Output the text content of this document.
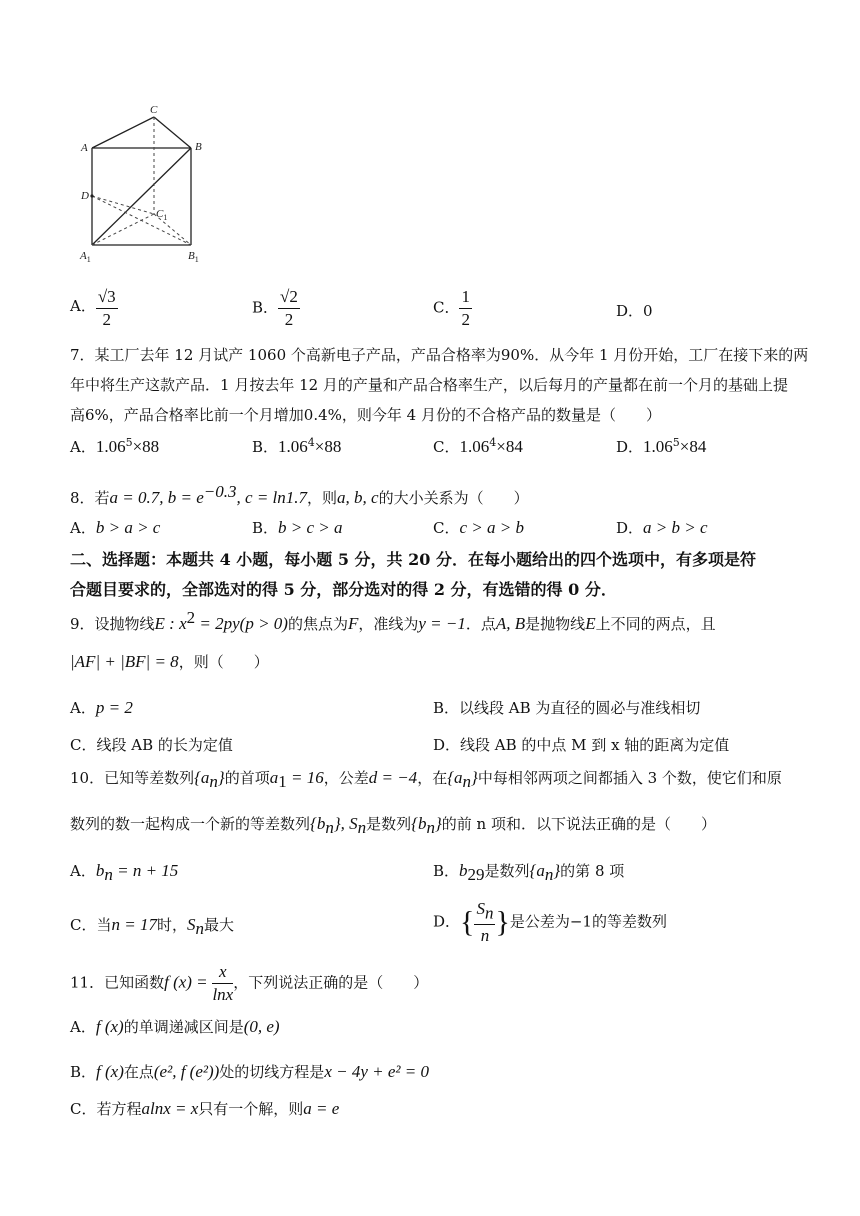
C
A	B
D
$C_1$
$A_1$	$B_1$
A． $\frac{√3}{2}$	B． $\frac{√2}{2}$	C． $\frac{1}{2}$	D．0
7．某工厂去年 12 月试产 1060 个高新电子产品，产品合格率为90%．从今年 1 月份开始，工厂在接下来的两
年中将生产这款产品．1 月按去年 12 月的产量和产品合格率生产，以后每月的产量都在前一个月的基础上提
高6%，产品合格率比前一个月增加0.4%，则今年 4 月份的不合格产品的数量是（　　）
A．$1.06^5\times 88$	B．$1.06^4\times 88$	C．$1.06^4\times 84$	D．$1.06^5\times 84$
8．若a = 0.7, $b = e^{-0.3}$, c = ln1.7，则a, b, c的大小关系为（　　）
A．b > a > c	B．b > c > a	C．c > a > b	D．a > b > c
二、选择题：本题共 4 小题，每小题 5 分，共 20 分．在每小题给出的四个选项中，有多项是符
合题目要求的，全部选对的得 5 分，部分选对的得 2 分，有选错的得 0 分．
9．设抛物线E : $x^2 = 2py(p > 0)$的焦点为F，准线为y = −1．点A, B是抛物线E上不同的两点，且
|AF| + |BF| = 8，则（　　）
A．p = 2	B．以线段 AB 为直径的圆必与准线相切
C．线段 AB 的长为定值	D．线段 AB 的中点 M 到 x 轴的距离为定值
10．已知等差数列$\{a_n\}$的首项$a_1 = 16$，公差d = −4，在$\{a_n\}$中每相邻两项之间都插入 3 个数，使它们和原
数列的数一起构成一个新的等差数列$\{b_n\}$, $S_n$是数列$\{b_n\}$的前 n 项和．以下说法正确的是（　　）
A．$b_n = n + 15$	B．$b_{29}$是数列$\{a_n\}$的第 8 项
C．当n = 17时，$S_n$最大	D．{ $\frac{S_n}{n}$ }是公差为−1的等差数列
11．已知函数f $(x) = \frac{x}{\ln x}$ ，下列说法正确的是（　　）
A．f (x)的单调递减区间是(0, e)
B．f (x)在点(e², f (e²))处的切线方程是x − 4y + e² = 0
C．若方程alnx = x只有一个解，则a = e
